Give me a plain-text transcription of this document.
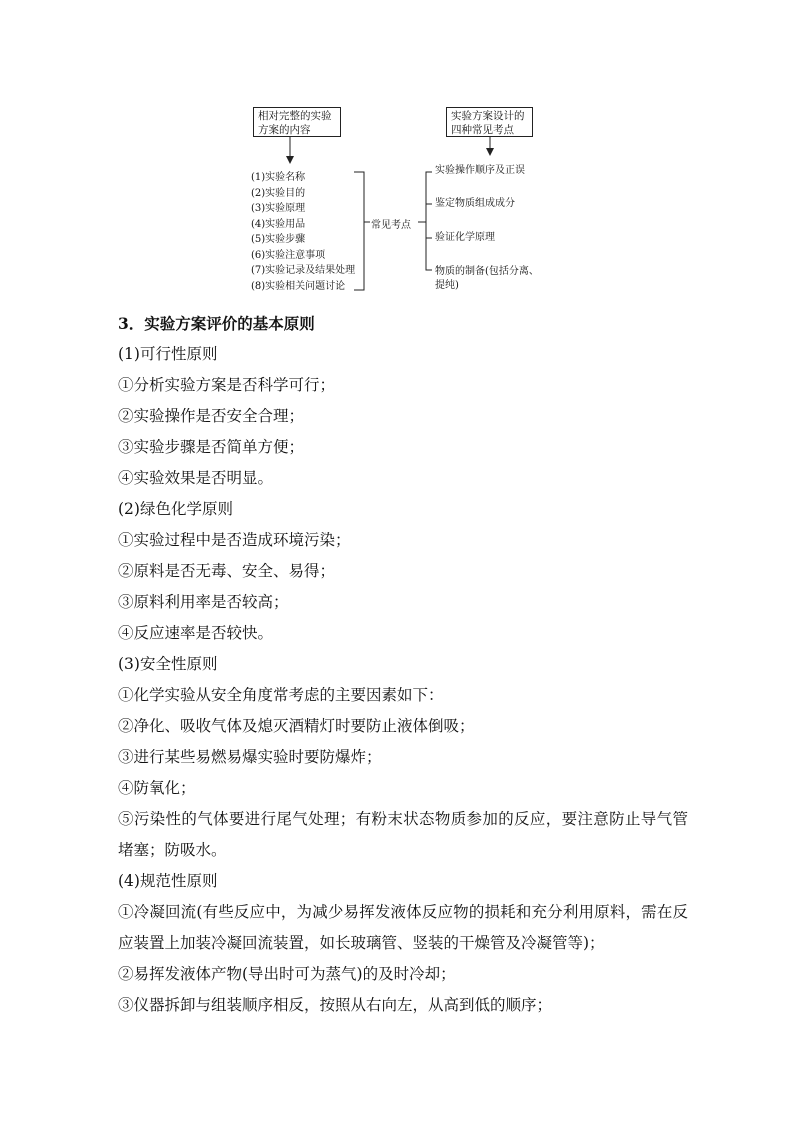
相对完整的实验
方案的内容
实验方案设计的
四种常见考点
(1)实验名称
(2)实验目的
(3)实验原理
(4)实验用品
(5)实验步骤
(6)实验注意事项
(7)实验记录及结果处理
(8)实验相关问题讨论
常见考点
实验操作顺序及正误
鉴定物质组成成分
验证化学原理
物质的制备(包括分离、
提纯)
3．实验方案评价的基本原则
(1)可行性原则
①分析实验方案是否科学可行；
②实验操作是否安全合理；
③实验步骤是否简单方便；
④实验效果是否明显。
(2)绿色化学原则
①实验过程中是否造成环境污染；
②原料是否无毒、安全、易得；
③原料利用率是否较高；
④反应速率是否较快。
(3)安全性原则
①化学实验从安全角度常考虑的主要因素如下：
②净化、吸收气体及熄灭酒精灯时要防止液体倒吸；
③进行某些易燃易爆实验时要防爆炸；
④防氧化；
⑤污染性的气体要进行尾气处理；有粉末状态物质参加的反应，要注意防止导气管堵塞；防吸水。
(4)规范性原则
①冷凝回流(有些反应中，为减少易挥发液体反应物的损耗和充分利用原料，需在反应装置上加装冷凝回流装置，如长玻璃管、竖装的干燥管及冷凝管等)；
②易挥发液体产物(导出时可为蒸气)的及时冷却；
③仪器拆卸与组装顺序相反，按照从右向左，从高到低的顺序；
